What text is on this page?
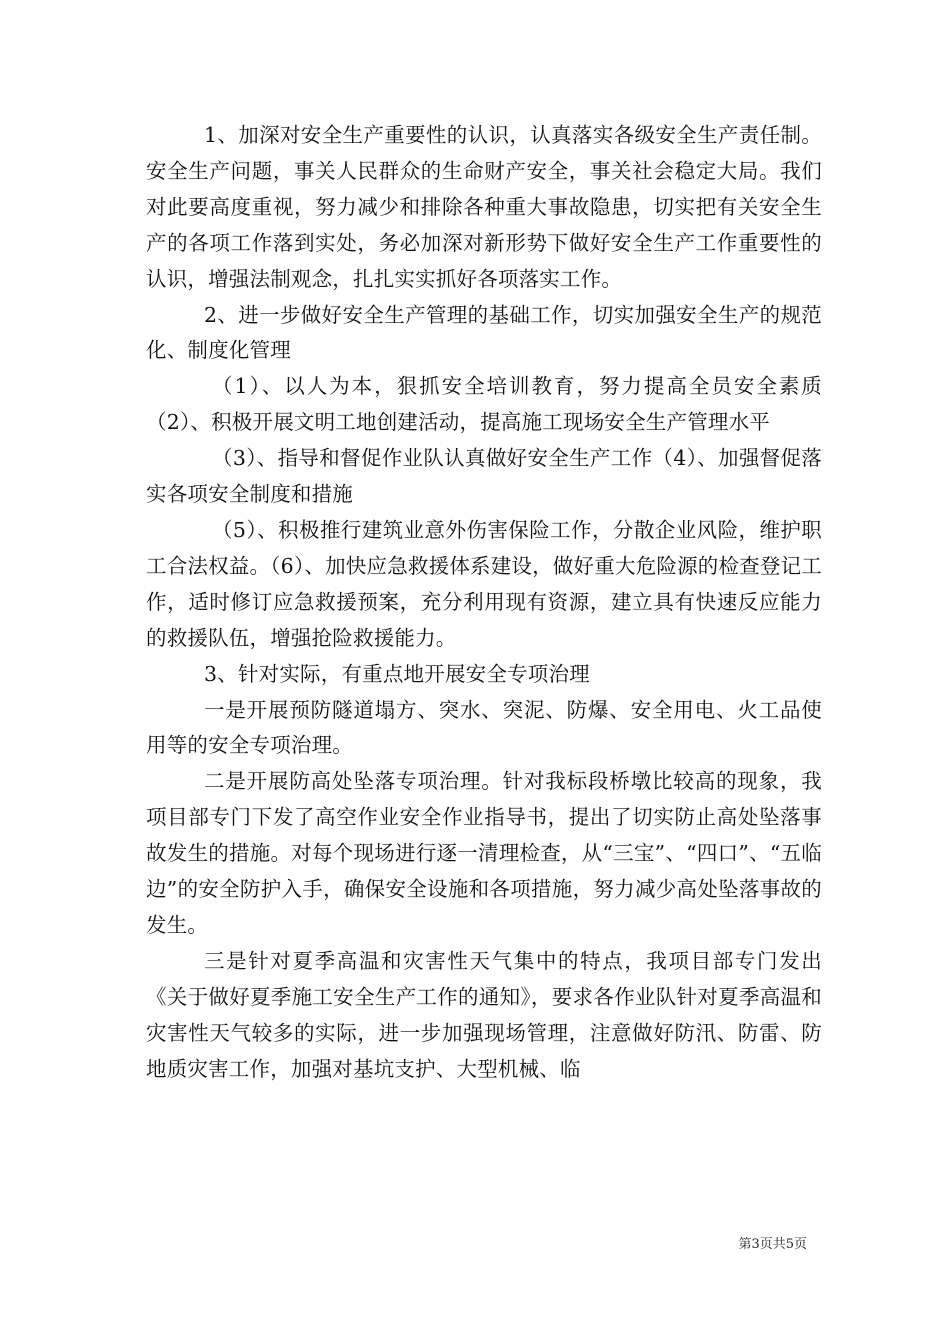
1、加深对安全生产重要性的认识，认真落实各级安全生产责任制。安全生产问题，事关人民群众的生命财产安全，事关社会稳定大局。我们对此要高度重视，努力减少和排除各种重大事故隐患，切实把有关安全生产的各项工作落到实处，务必加深对新形势下做好安全生产工作重要性的认识，增强法制观念，扎扎实实抓好各项落实工作。

2、进一步做好安全生产管理的基础工作，切实加强安全生产的规范化、制度化管理

（1）、以人为本，狠抓安全培训教育，努力提高全员安全素质（2）、积极开展文明工地创建活动，提高施工现场安全生产管理水平

（3）、指导和督促作业队认真做好安全生产工作（4）、加强督促落实各项安全制度和措施

（5）、积极推行建筑业意外伤害保险工作，分散企业风险，维护职工合法权益。（6）、加快应急救援体系建设，做好重大危险源的检查登记工作，适时修订应急救援预案，充分利用现有资源，建立具有快速反应能力的救援队伍，增强抢险救援能力。

3、针对实际，有重点地开展安全专项治理

一是开展预防隧道塌方、突水、突泥、防爆、安全用电、火工品使用等的安全专项治理。

二是开展防高处坠落专项治理。针对我标段桥墩比较高的现象，我项目部专门下发了高空作业安全作业指导书，提出了切实防止高处坠落事故发生的措施。对每个现场进行逐一清理检查，从“三宝”、“四口”、“五临边”的安全防护入手，确保安全设施和各项措施，努力减少高处坠落事故的发生。

三是针对夏季高温和灾害性天气集中的特点，我项目部专门发出《关于做好夏季施工安全生产工作的通知》，要求各作业队针对夏季高温和灾害性天气较多的实际，进一步加强现场管理，注意做好防汛、防雷、防地质灾害工作，加强对基坑支护、大型机械、临

第3页共5页
